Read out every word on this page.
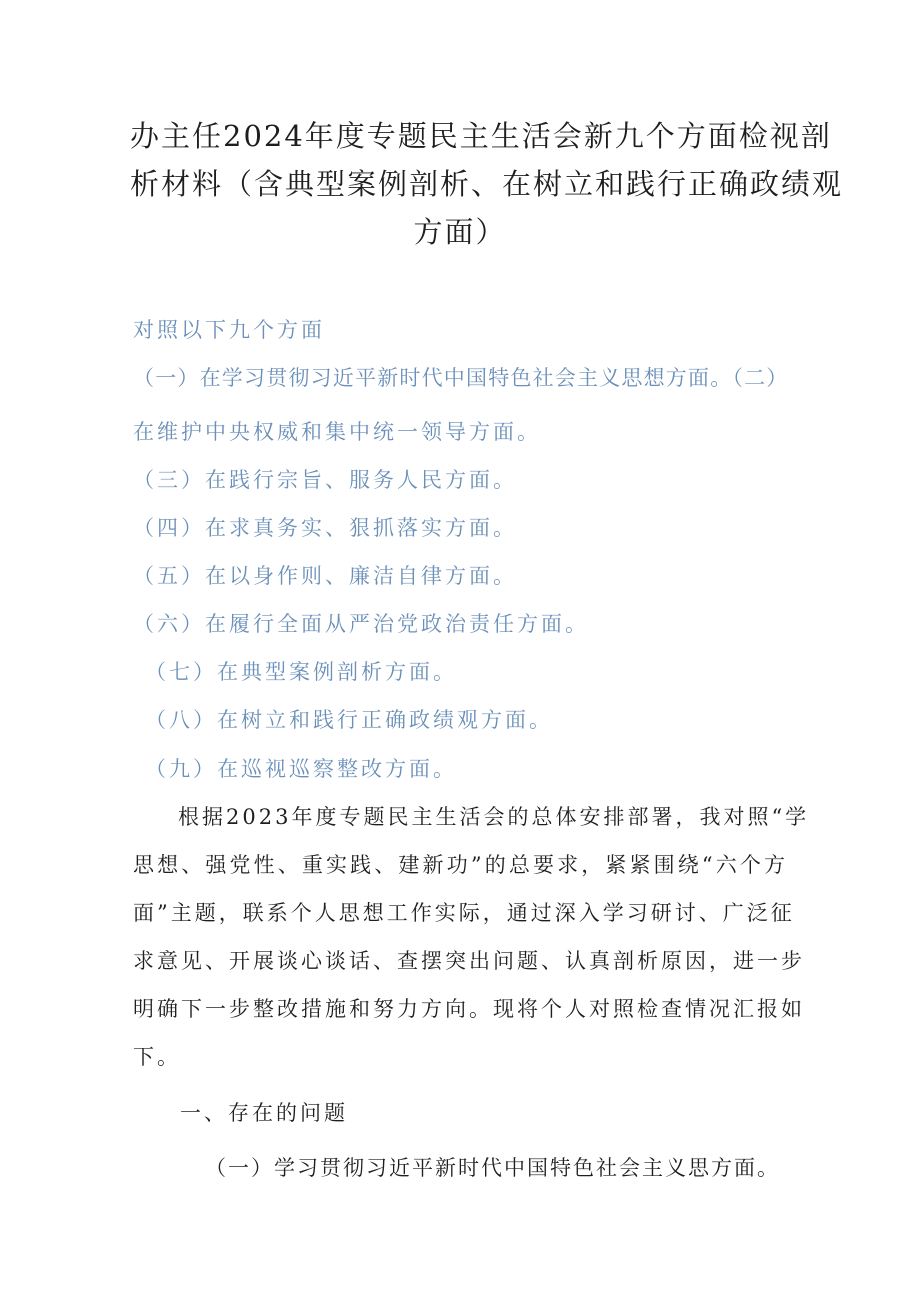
办主任2024年度专题民主生活会新九个方面检视剖
析材料（含典型案例剖析、在树立和践行正确政绩观
方面）
对照以下九个方面
（一）在学习贯彻习近平新时代中国特色社会主义思想方面。（二）
在维护中央权威和集中统一领导方面。
（三）在践行宗旨、服务人民方面。
（四）在求真务实、狠抓落实方面。
（五）在以身作则、廉洁自律方面。
（六）在履行全面从严治党政治责任方面。
（七）在典型案例剖析方面。
（八）在树立和践行正确政绩观方面。
（九）在巡视巡察整改方面。
根据2023年度专题民主生活会的总体安排部署，我对照“学
思想、强党性、重实践、建新功”的总要求，紧紧围绕“六个方
面”主题，联系个人思想工作实际，通过深入学习研讨、广泛征
求意见、开展谈心谈话、查摆突出问题、认真剖析原因，进一步
明确下一步整改措施和努力方向。现将个人对照检查情况汇报如
下。
一、存在的问题
（一）学习贯彻习近平新时代中国特色社会主义思方面。
